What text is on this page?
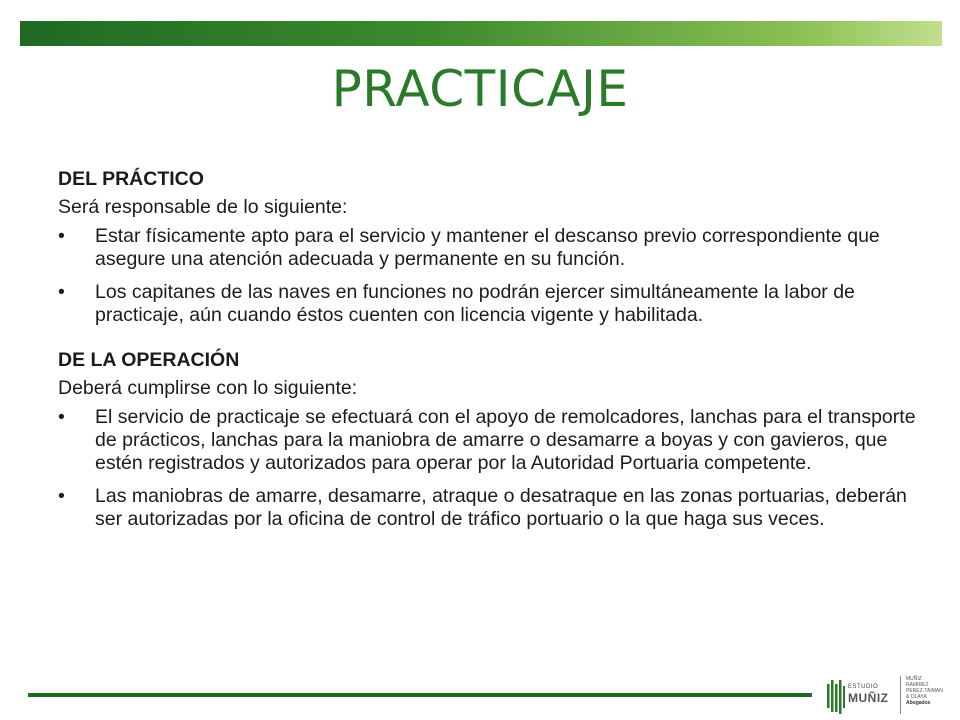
PRACTICAJE

DEL PRÁCTICO

Será responsable de lo siguiente:

• Estar físicamente apto para el servicio y mantener el descanso previo correspondiente que asegure una atención adecuada y permanente en su función.
• Los capitanes de las naves en funciones no podrán ejercer simultáneamente la labor de practicaje, aún cuando éstos cuenten con licencia vigente y habilitada.

DE LA OPERACIÓN

Deberá cumplirse con lo siguiente:

• El servicio de practicaje se efectuará con el apoyo de remolcadores, lanchas para el transporte de prácticos, lanchas para la maniobra de amarre o desamarre a boyas y con gavieros, que estén registrados y autorizados para operar por la Autoridad Portuaria competente.
• Las maniobras de amarre, desamarre, atraque o desatraque en las zonas portuarias, deberán ser autorizadas por la oficina de control de tráfico portuario o la que haga sus veces.
ESTUDIO
MUÑIZ
MUÑIZ
RAMIREZ
PEREZ-TAIMAN
& OLAYA
Abogados
